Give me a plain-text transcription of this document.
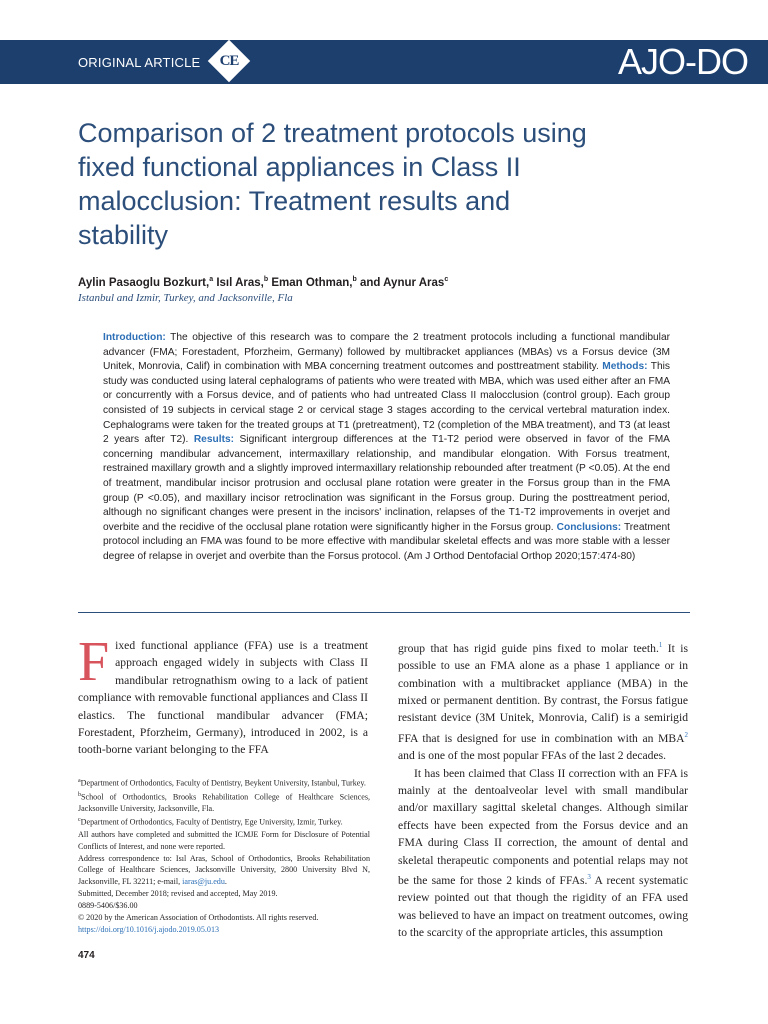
ORIGINAL ARTICLE	CE	AJO-DO
Comparison of 2 treatment protocols using fixed functional appliances in Class II malocclusion: Treatment results and stability
Aylin Pasaoglu Bozkurt,$^a$ Isıl Aras,$^b$ Eman Othman,$^b$ and Aynur Aras$^c$
Istanbul and Izmir, Turkey, and Jacksonville, Fla

Introduction: The objective of this research was to compare the 2 treatment protocols including a functional mandibular advancer (FMA; Forestadent, Pforzheim, Germany) followed by multibracket appliances (MBAs) vs a Forsus device (3M Unitek, Monrovia, Calif) in combination with MBA concerning treatment outcomes and posttreatment stability. Methods: This study was conducted using lateral cephalograms of patients who were treated with MBA, which was used either after an FMA or concurrently with a Forsus device, and of patients who had untreated Class II malocclusion (control group). Each group consisted of 19 subjects in cervical stage 2 or cervical stage 3 stages according to the cervical vertebral maturation index. Cephalograms were taken for the treated groups at T1 (pretreatment), T2 (completion of the MBA treatment), and T3 (at least 2 years after T2). Results: Significant intergroup differences at the T1-T2 period were observed in favor of the FMA concerning mandibular advancement, intermaxillary relationship, and mandibular elongation. With Forsus treatment, restrained maxillary growth and a slightly improved intermaxillary relationship rebounded after treatment (P <0.05). At the end of treatment, mandibular incisor protrusion and occlusal plane rotation were greater in the Forsus group than in the FMA group (P <0.05), and maxillary incisor retroclination was significant in the Forsus group. During the posttreatment period, although no significant changes were present in the incisors' inclination, relapses of the T1-T2 improvements in overjet and overbite and the recidive of the occlusal plane rotation were significantly higher in the Forsus group. Conclusions: Treatment protocol including an FMA was found to be more effective with mandibular skeletal effects and was more stable with a lesser degree of relapse in overjet and overbite than the Forsus protocol. (Am J Orthod Dentofacial Orthop 2020;157:474-80)

Fixed functional appliance (FFA) use is a treatment approach engaged widely in subjects with Class II mandibular retrognathism owing to a lack of patient compliance with removable functional appliances and Class II elastics. The functional mandibular advancer (FMA; Forestadent, Pforzheim, Germany), introduced in 2002, is a tooth-borne variant belonging to the FFA

group that has rigid guide pins fixed to molar teeth.$^1$ It is possible to use an FMA alone as a phase 1 appliance or in combination with a multibracket appliance (MBA) in the mixed or permanent dentition. By contrast, the Forsus fatigue resistant device (3M Unitek, Monrovia, Calif) is a semirigid FFA that is designed for use in combination with an MBA$^2$ and is one of the most popular FFAs of the last 2 decades.

It has been claimed that Class II correction with an FFA is mainly at the dentoalveolar level with small mandibular and/or maxillary sagittal skeletal changes. Although similar effects have been expected from the Forsus device and an FMA during Class II correction, the amount of dental and skeletal therapeutic components and potential relaps may not be the same for those 2 kinds of FFAs.$^3$ A recent systematic review pointed out that though the rigidity of an FFA used was believed to have an impact on treatment outcomes, owing to the scarcity of the appropriate articles, this assumption

$^a$Department of Orthodontics, Faculty of Dentistry, Beykent University, Istanbul, Turkey.

$^b$School of Orthodontics, Brooks Rehabilitation College of Healthcare Sciences, Jacksonville University, Jacksonville, Fla.

$^c$Department of Orthodontics, Faculty of Dentistry, Ege University, Izmir, Turkey.

All authors have completed and submitted the ICMJE Form for Disclosure of Potential Conflicts of Interest, and none were reported.

Address correspondence to: Isıl Aras, School of Orthodontics, Brooks Rehabilitation College of Healthcare Sciences, Jacksonville University, 2800 University Blvd N, Jacksonville, FL 32211; e-mail, iaras@ju.edu.

Submitted, December 2018; revised and accepted, May 2019.

0889-5406/$36.00

© 2020 by the American Association of Orthodontists. All rights reserved.

https://doi.org/10.1016/j.ajodo.2019.05.013

474
